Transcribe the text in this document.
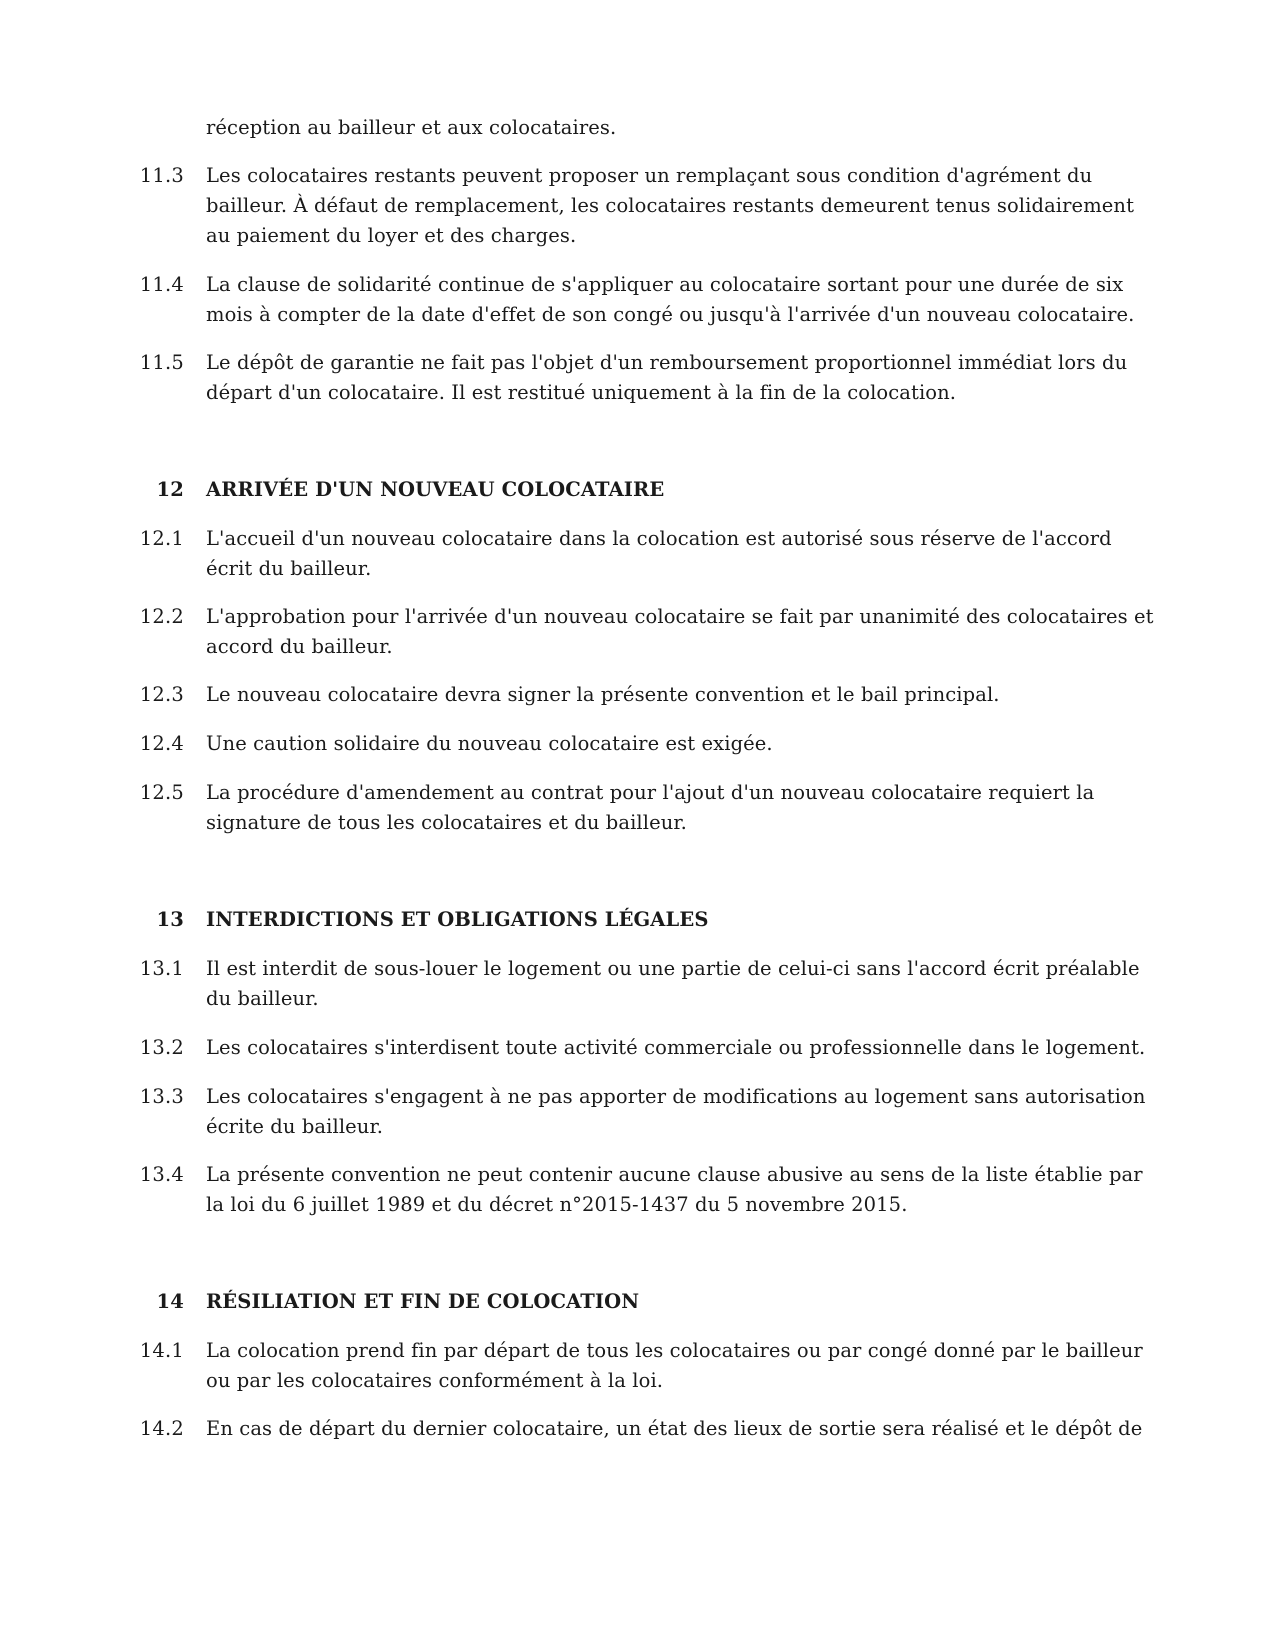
réception au bailleur et aux colocataires.
11.3 Les colocataires restants peuvent proposer un remplaçant sous condition d'agrément du
bailleur. À défaut de remplacement, les colocataires restants demeurent tenus solidairement
au paiement du loyer et des charges.
11.4 La clause de solidarité continue de s'appliquer au colocataire sortant pour une durée de six
mois à compter de la date d'effet de son congé ou jusqu'à l'arrivée d'un nouveau colocataire.
11.5 Le dépôt de garantie ne fait pas l'objet d'un remboursement proportionnel immédiat lors du
départ d'un colocataire. Il est restitué uniquement à la fin de la colocation.
12 ARRIVÉE D'UN NOUVEAU COLOCATAIRE
12.1 L'accueil d'un nouveau colocataire dans la colocation est autorisé sous réserve de l'accord
écrit du bailleur.
12.2 L'approbation pour l'arrivée d'un nouveau colocataire se fait par unanimité des colocataires et
accord du bailleur.
12.3 Le nouveau colocataire devra signer la présente convention et le bail principal.
12.4 Une caution solidaire du nouveau colocataire est exigée.
12.5 La procédure d'amendement au contrat pour l'ajout d'un nouveau colocataire requiert la
signature de tous les colocataires et du bailleur.
13 INTERDICTIONS ET OBLIGATIONS LÉGALES
13.1 Il est interdit de sous-louer le logement ou une partie de celui-ci sans l'accord écrit préalable
du bailleur.
13.2 Les colocataires s'interdisent toute activité commerciale ou professionnelle dans le logement.
13.3 Les colocataires s'engagent à ne pas apporter de modifications au logement sans autorisation
écrite du bailleur.
13.4 La présente convention ne peut contenir aucune clause abusive au sens de la liste établie par
la loi du 6 juillet 1989 et du décret n°2015-1437 du 5 novembre 2015.
14 RÉSILIATION ET FIN DE COLOCATION
14.1 La colocation prend fin par départ de tous les colocataires ou par congé donné par le bailleur
ou par les colocataires conformément à la loi.
14.2 En cas de départ du dernier colocataire, un état des lieux de sortie sera réalisé et le dépôt de
